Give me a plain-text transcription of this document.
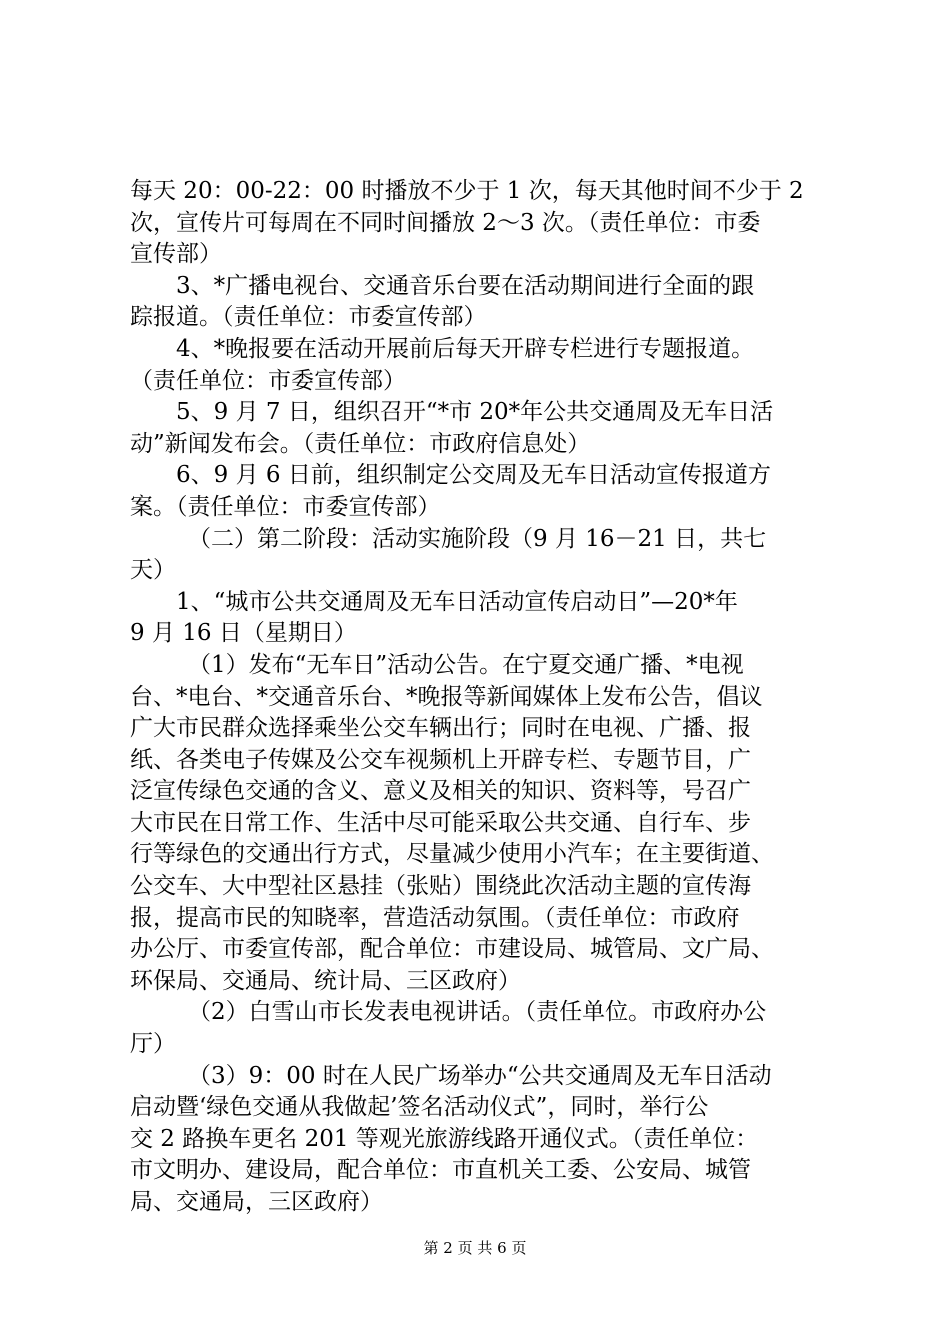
每天 20：00-22：00 时播放不少于 1 次，每天其他时间不少于 2
次，宣传片可每周在不同时间播放 2～3 次。（责任单位：市委
宣传部）
3、*广播电视台、交通音乐台要在活动期间进行全面的跟
踪报道。（责任单位：市委宣传部）
4、*晚报要在活动开展前后每天开辟专栏进行专题报道。
（责任单位：市委宣传部）
5、9 月 7 日，组织召开“*市 20*年公共交通周及无车日活
动”新闻发布会。（责任单位：市政府信息处）
6、9 月 6 日前，组织制定公交周及无车日活动宣传报道方
案。（责任单位：市委宣传部）
（二）第二阶段：活动实施阶段（9 月 16－21 日，共七
天）
1、“城市公共交通周及无车日活动宣传启动日”—20*年
9 月 16 日（星期日）
（1）发布“无车日”活动公告。在宁夏交通广播、*电视
台、*电台、*交通音乐台、*晚报等新闻媒体上发布公告，倡议
广大市民群众选择乘坐公交车辆出行；同时在电视、广播、报
纸、各类电子传媒及公交车视频机上开辟专栏、专题节目，广
泛宣传绿色交通的含义、意义及相关的知识、资料等，号召广
大市民在日常工作、生活中尽可能采取公共交通、自行车、步
行等绿色的交通出行方式，尽量减少使用小汽车；在主要街道、
公交车、大中型社区悬挂（张贴）围绕此次活动主题的宣传海
报，提高市民的知晓率，营造活动氛围。（责任单位：市政府
办公厅、市委宣传部，配合单位：市建设局、城管局、文广局、
环保局、交通局、统计局、三区政府）
（2）白雪山市长发表电视讲话。（责任单位。市政府办公
厅）
（3）9：00 时在人民广场举办“公共交通周及无车日活动
启动暨‘绿色交通从我做起’签名活动仪式”，同时，举行公
交 2 路换车更名 201 等观光旅游线路开通仪式。（责任单位：
市文明办、建设局，配合单位：市直机关工委、公安局、城管
局、交通局，三区政府）
第 2 页 共 6 页
